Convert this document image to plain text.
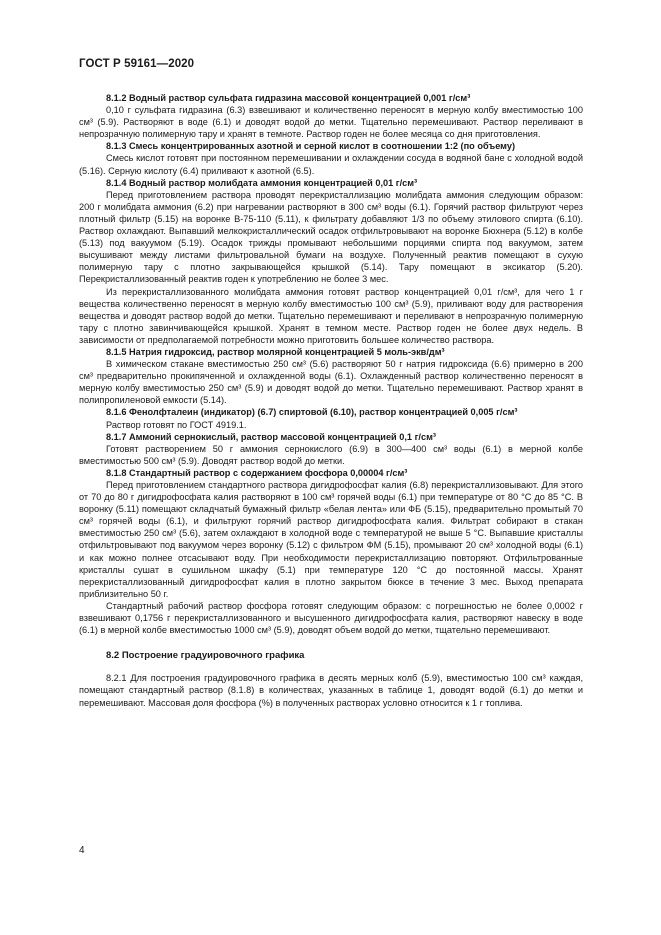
ГОСТ Р 59161—2020

8.1.2 Водный раствор сульфата гидразина массовой концентрацией 0,001 г/см³

0,10 г сульфата гидразина (6.3) взвешивают и количественно переносят в мерную колбу вместимостью 100 см³ (5.9). Растворяют в воде (6.1) и доводят водой до метки. Тщательно перемешивают. Раствор переливают в непрозрачную полимерную тару и хранят в темноте. Раствор годен не более месяца со дня приготовления.

8.1.3 Смесь концентрированных азотной и серной кислот в соотношении 1:2 (по объему)

Смесь кислот готовят при постоянном перемешивании и охлаждении сосуда в водяной бане с холодной водой (5.16). Серную кислоту (6.4) приливают к азотной (6.5).

8.1.4 Водный раствор молибдата аммония концентрацией 0,01 г/см³

Перед приготовлением раствора проводят перекристаллизацию молибдата аммония следующим образом: 200 г молибдата аммония (6.2) при нагревании растворяют в 300 см³ воды (6.1). Горячий раствор фильтруют через плотный фильтр (5.15) на воронке В-75-110 (5.11), к фильтрату добавляют 1/3 по объему этилового спирта (6.10). Раствор охлаждают. Выпавший мелкокристаллический осадок отфильтровывают на воронке Бюхнера (5.12) в колбе (5.13) под вакуумом (5.19). Осадок трижды промывают небольшими порциями спирта под вакуумом, затем высушивают между листами фильтровальной бумаги на воздухе. Полученный реактив помещают в сухую полимерную тару с плотно закрывающейся крышкой (5.14). Тару помещают в эксикатор (5.20). Перекристаллизованный реактив годен к употреблению не более 3 мес.

Из перекристаллизованного молибдата аммония готовят раствор концентрацией 0,01 г/см³, для чего 1 г вещества количественно переносят в мерную колбу вместимостью 100 см³ (5.9), приливают воду для растворения вещества и доводят раствор водой до метки. Тщательно перемешивают и переливают в непрозрачную полимерную тару с плотно завинчивающейся крышкой. Хранят в темном месте. Раствор годен не более двух недель. В зависимости от предполагаемой потребности можно приготовить большее количество раствора.

8.1.5 Натрия гидроксид, раствор молярной концентрацией 5 моль-экв/дм³

В химическом стакане вместимостью 250 см³ (5.6) растворяют 50 г натрия гидроксида (6.6) примерно в 200 см³ предварительно прокипяченной и охлажденной воды (6.1). Охлажденный раствор количественно переносят в мерную колбу вместимостью 250 см³ (5.9) и доводят водой до метки. Тщательно перемешивают. Раствор хранят в полипропиленовой емкости (5.14).

8.1.6 Фенолфталеин (индикатор) (6.7) спиртовой (6.10), раствор концентрацией 0,005 г/см³

Раствор готовят по ГОСТ 4919.1.

8.1.7 Аммоний сернокислый, раствор массовой концентрацией 0,1 г/см³

Готовят растворением 50 г аммония сернокислого (6.9) в 300—400 см³ воды (6.1) в мерной колбе вместимостью 500 см³ (5.9). Доводят раствор водой до метки.

8.1.8 Стандартный раствор с содержанием фосфора 0,00004 г/см³

Перед приготовлением стандартного раствора дигидрофосфат калия (6.8) перекристаллизовывают. Для этого от 70 до 80 г дигидрофосфата калия растворяют в 100 см³ горячей воды (6.1) при температуре от 80 °C до 85 °C. В воронку (5.11) помещают складчатый бумажный фильтр «белая лента» или ФБ (5.15), предварительно промытый 70 см³ горячей воды (6.1), и фильтруют горячий раствор дигидрофосфата калия. Фильтрат собирают в стакан вместимостью 250 см³ (5.6), затем охлаждают в холодной воде с температурой не выше 5 °C. Выпавшие кристаллы отфильтровывают под вакуумом через воронку (5.12) с фильтром ФМ (5.15), промывают 20 см³ холодной воды (6.1) и как можно полнее отсасывают воду. При необходимости перекристаллизацию повторяют. Отфильтрованные кристаллы сушат в сушильном шкафу (5.1) при температуре 120 °C до постоянной массы. Хранят перекристаллизованный дигидрофосфат калия в плотно закрытом бюксе в течение 3 мес. Выход препарата приблизительно 50 г.

Стандартный рабочий раствор фосфора готовят следующим образом: с погрешностью не более 0,0002 г взвешивают 0,1756 г перекристаллизованного и высушенного дигидрофосфата калия, растворяют навеску в воде (6.1) в мерной колбе вместимостью 1000 см³ (5.9), доводят объем водой до метки, тщательно перемешивают.

8.2 Построение градуировочного графика

8.2.1 Для построения градуировочного графика в десять мерных колб (5.9), вместимостью 100 см³ каждая, помещают стандартный раствор (8.1.8) в количествах, указанных в таблице 1, доводят водой (6.1) до метки и перемешивают. Массовая доля фосфора (%) в полученных растворах условно относится к 1 г топлива.

4
